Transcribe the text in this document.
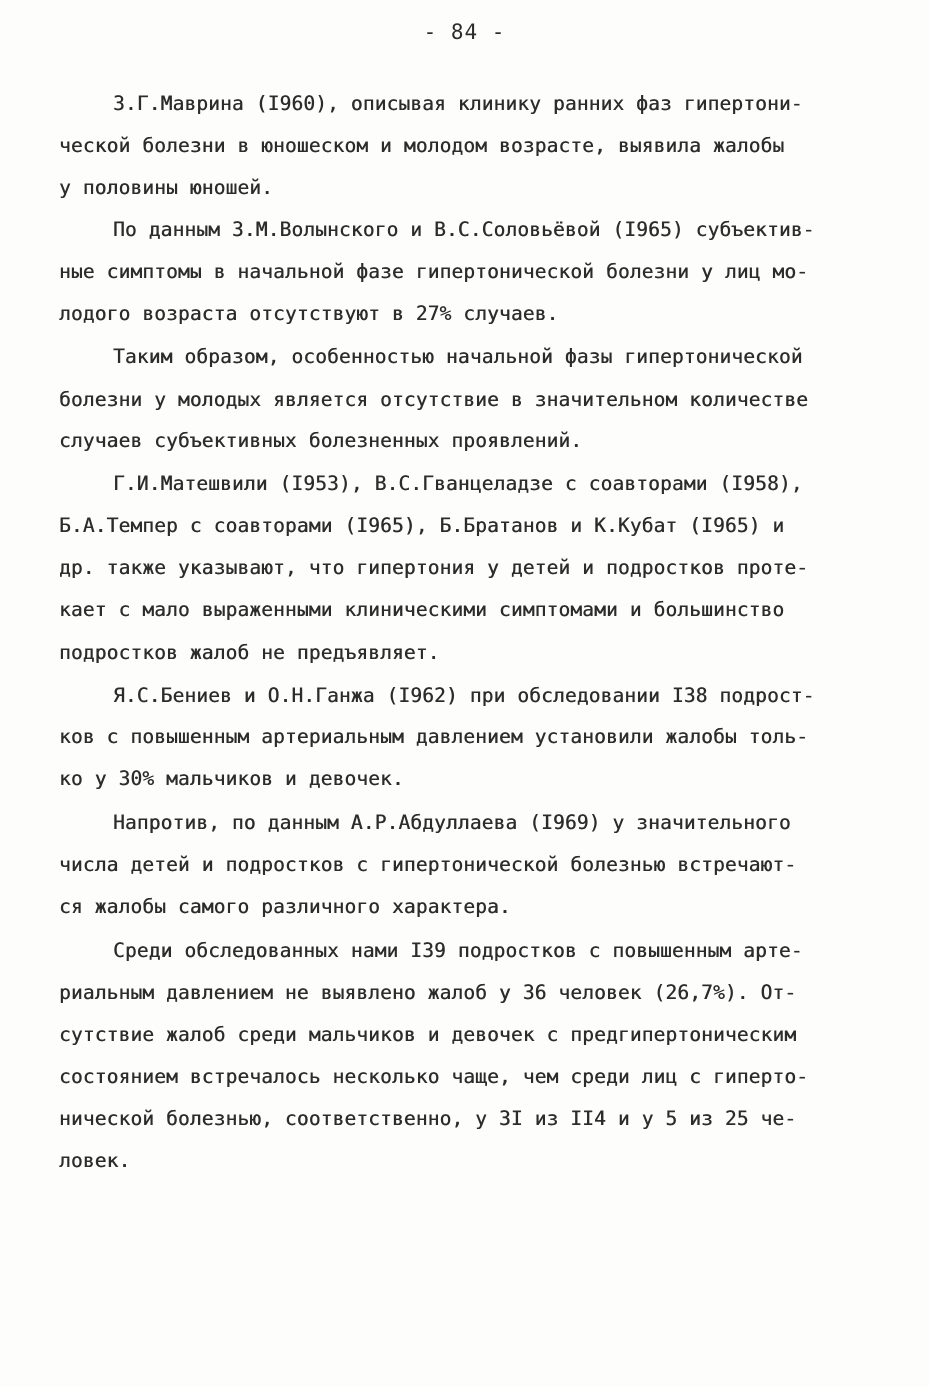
- 84 -
З.Г.Маврина (I960), описывая клинику ранних фаз гипертони-
ческой болезни в юношеском и молодом возрасте, выявила жалобы
у половины юношей.
По данным З.М.Волынского и В.С.Соловьёвой (I965) субъектив-
ные симптомы в начальной фазе гипертонической болезни у лиц мо-
лодого возраста отсутствуют в 27% случаев.
Таким образом, особенностью начальной фазы гипертонической
болезни у молодых является отсутствие в значительном количестве
случаев субъективных болезненных проявлений.
Г.И.Матешвили (I953), В.С.Гванцеладзе с соавторами (I958),
Б.А.Темпер с соавторами (I965), Б.Братанов и К.Кубат (I965) и
др. также указывают, что гипертония у детей и подростков проте-
кает с мало выраженными клиническими симптомами и большинство
подростков жалоб не предъявляет.
Я.С.Бениев и О.Н.Ганжа (I962) при обследовании I38 подрост-
ков с повышенным артериальным давлением установили жалобы толь-
ко у 30% мальчиков и девочек.
Напротив, по данным А.Р.Абдуллаева (I969) у значительного
числа детей и подростков с гипертонической болезнью встречают-
ся жалобы самого различного характера.
Среди обследованных нами I39 подростков с повышенным арте-
риальным давлением не выявлено жалоб у 36 человек (26,7%). От-
сутствие жалоб среди мальчиков и девочек с предгипертоническим
состоянием встречалось несколько чаще, чем среди лиц с гиперто-
нической болезнью, соответственно, у 3I из II4 и у 5 из 25 че-
ловек.
